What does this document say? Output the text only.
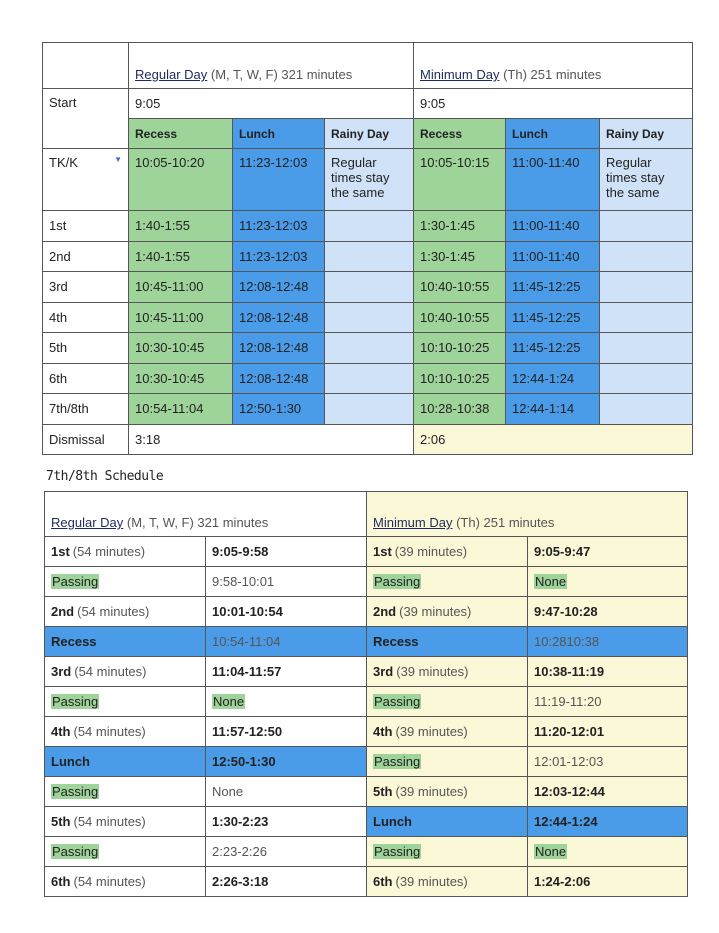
	Regular Day (M, T, W, F) 321 minutes			Minimum Day (Th) 251 minutes		
Start	9:05			9:05		
	Recess	Lunch	Rainy Day	Recess	Lunch	Rainy Day
TK/K ▼	10:05-10:20	11:23-12:03	Regular times stay the same	10:05-10:15	11:00-11:40	Regular times stay the same
1st	1:40-1:55	11:23-12:03		1:30-1:45	11:00-11:40	
2nd	1:40-1:55	11:23-12:03		1:30-1:45	11:00-11:40	
3rd	10:45-11:00	12:08-12:48		10:40-10:55	11:45-12:25	
4th	10:45-11:00	12:08-12:48		10:40-10:55	11:45-12:25	
5th	10:30-10:45	12:08-12:48		10:10-10:25	11:45-12:25	
6th	10:30-10:45	12:08-12:48		10:10-10:25	12:44-1:24	
7th/8th	10:54-11:04	12:50-1:30		10:28-10:38	12:44-1:14	
Dismissal	3:18			2:06		
7th/8th Schedule
Regular Day (M, T, W, F) 321 minutes		Minimum Day (Th) 251 minutes	
1st (54 minutes)	9:05-9:58	1st (39 minutes)	9:05-9:47
Passing	9:58-10:01	Passing	None
2nd (54 minutes)	10:01-10:54	2nd (39 minutes)	9:47-10:28
Recess	10:54-11:04	Recess	10:2810:38
3rd (54 minutes)	11:04-11:57	3rd (39 minutes)	10:38-11:19
Passing	None	Passing	11:19-11:20
4th (54 minutes)	11:57-12:50	4th (39 minutes)	11:20-12:01
Lunch	12:50-1:30	Passing	12:01-12:03
Passing	None	5th (39 minutes)	12:03-12:44
5th (54 minutes)	1:30-2:23	Lunch	12:44-1:24
Passing	2:23-2:26	Passing	None
6th (54 minutes)	2:26-3:18	6th (39 minutes)	1:24-2:06
